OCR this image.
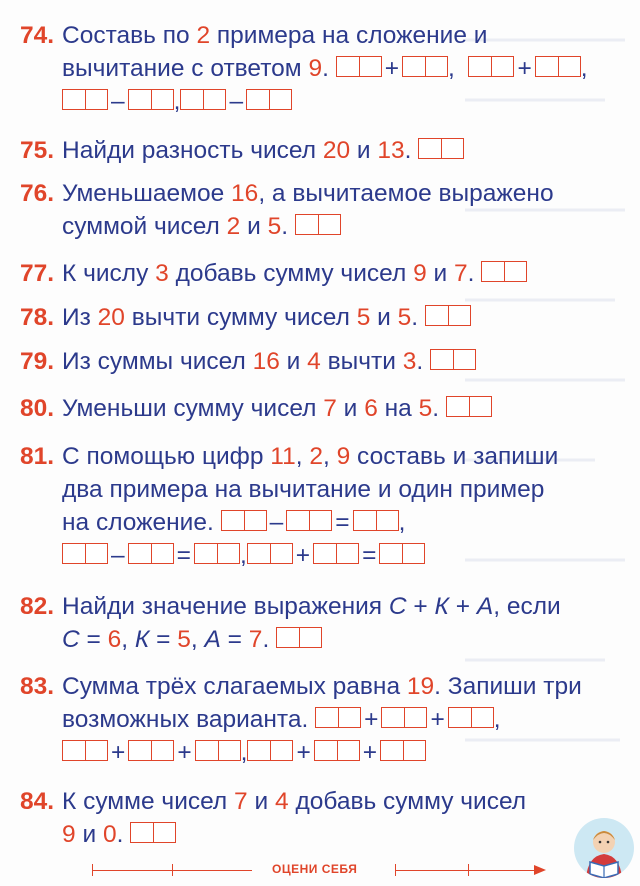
74. Составь по 2 примера на сложение и
вычитание с ответом 9. + ,	+ ,
– , –
75. Найди разность чисел 20 и 13.
76. Уменьшаемое 16, а вычитаемое выражено
суммой чисел 2 и 5.
77. К числу 3 добавь сумму чисел 9 и 7.
78. Из 20 вычти сумму чисел 5 и 5.
79. Из суммы чисел 16 и 4 вычти 3.
80. Уменьши сумму чисел 7 и 6 на 5.
81. С помощью цифр 11, 2, 9 составь и запиши
два примера на вычитание и один пример
на сложение. – = ,
– = , + =
82. Найди значение выражения С + К + А, если
С = 6, К = 5, А = 7.
83. Сумма трёх слагаемых равна 19. Запиши три
возможных варианта. + + ,
+ + , + +
84. К сумме чисел 7 и 4 добавь сумму чисел
9 и 0.
ОЦЕНИ СЕБЯ
